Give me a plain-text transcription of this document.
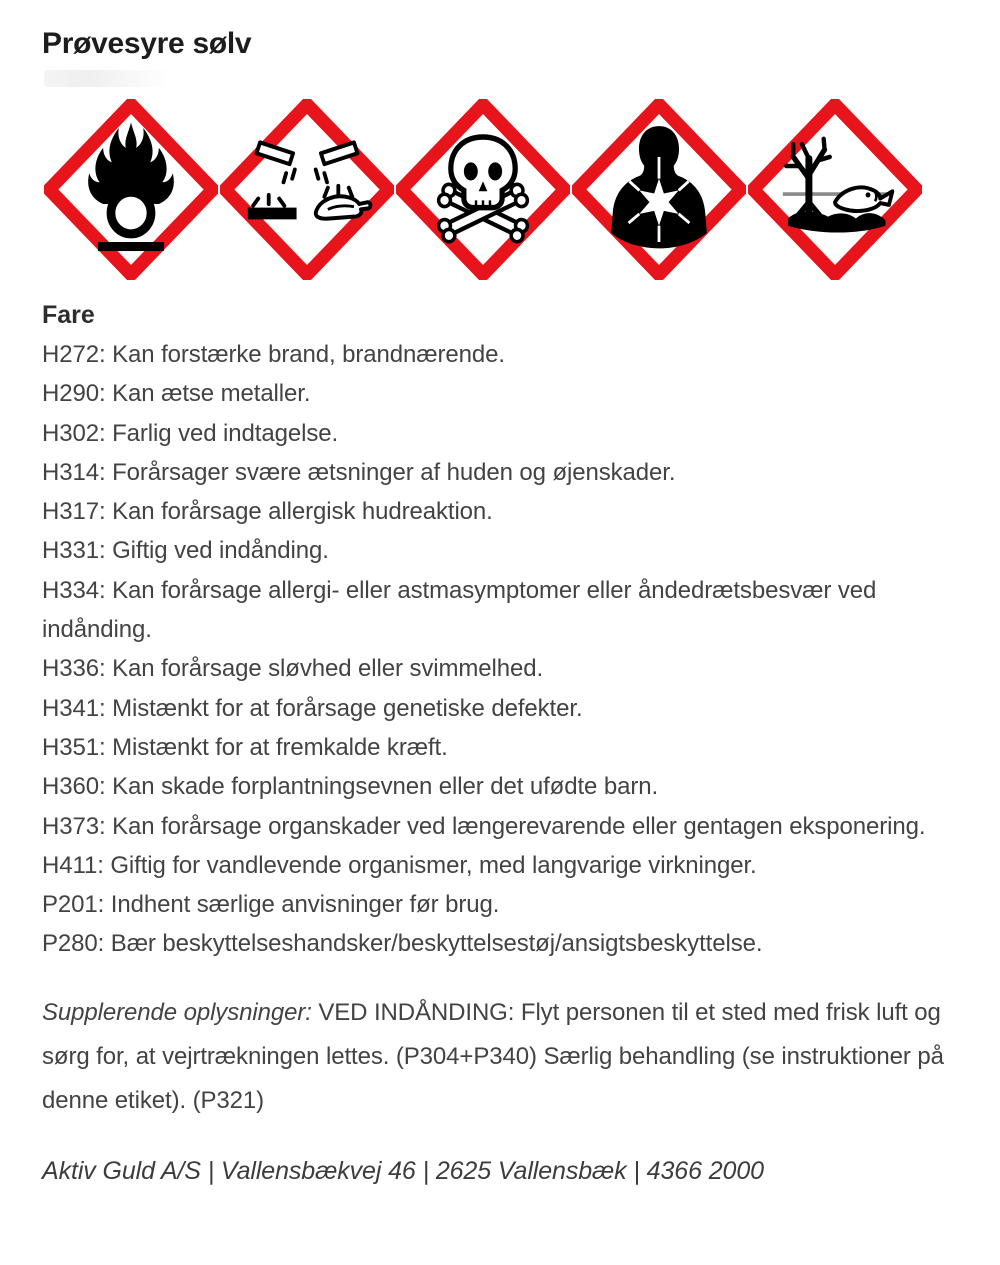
Prøvesyre sølv
Fare
H272: Kan forstærke brand, brandnærende.
H290: Kan ætse metaller.
H302: Farlig ved indtagelse.
H314: Forårsager svære ætsninger af huden og øjenskader.
H317: Kan forårsage allergisk hudreaktion.
H331: Giftig ved indånding.
H334: Kan forårsage allergi- eller astmasymptomer eller åndedrætsbesvær ved indånding.
H336: Kan forårsage sløvhed eller svimmelhed.
H341: Mistænkt for at forårsage genetiske defekter.
H351: Mistænkt for at fremkalde kræft.
H360: Kan skade forplantningsevnen eller det ufødte barn.
H373: Kan forårsage organskader ved længerevarende eller gentagen eksponering.
H411: Giftig for vandlevende organismer, med langvarige virkninger.
P201: Indhent særlige anvisninger før brug.
P280: Bær beskyttelseshandsker/beskyttelsestøj/ansigtsbeskyttelse.

Supplerende oplysninger: VED INDÅNDING: Flyt personen til et sted med frisk luft og sørg for, at vejrtrækningen lettes. (P304+P340) Særlig behandling (se instruktioner på denne etiket). (P321)

Aktiv Guld A/S | Vallensbækvej 46 | 2625 Vallensbæk | 4366 2000
